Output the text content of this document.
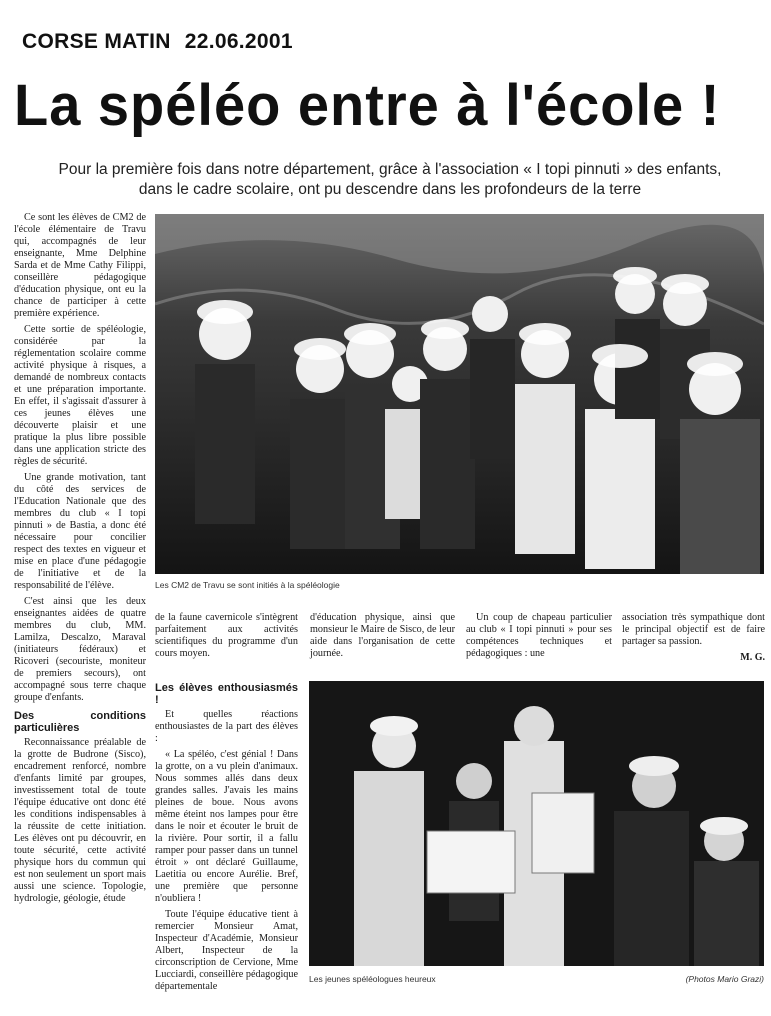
CORSE MATIN 22.06.2001
La spéléo entre à l'école !
Pour la première fois dans notre département, grâce à l'association « I topi pinnuti » des enfants, dans le cadre scolaire, ont pu descendre dans les profondeurs de la terre

Ce sont les élèves de CM2 de l'école élémentaire de Travu qui, accompagnés de leur enseignante, Mme Delphine Sarda et de Mme Cathy Filippi, conseillère pédagogique d'éducation physique, ont eu la chance de participer à cette première expérience.

Cette sortie de spéléologie, considérée par la réglementation scolaire comme activité physique à risques, a demandé de nombreux contacts et une préparation importante. En effet, il s'agissait d'assurer à ces jeunes élèves une découverte plaisir et une pratique la plus libre possible dans une application stricte des règles de sécurité.

Une grande motivation, tant du côté des services de l'Education Nationale que des membres du club « I topi pinnuti » de Bastia, a donc été nécessaire pour concilier respect des textes en vigueur et mise en place d'une pédagogie de l'initiative et de la responsabilité de l'élève.

C'est ainsi que les deux enseignantes aidées de quatre membres du club, MM. Lamilza, Descalzo, Maraval (initiateurs fédéraux) et Ricoveri (secouriste, moniteur de premiers secours), ont accompagné sous terre chaque groupe d'enfants.

Des conditions particulières

Reconnaissance préalable de la grotte de Budrone (Sisco), encadrement renforcé, nombre d'enfants limité par groupes, investissement total de toute l'équipe éducative ont donc été les conditions indispensables à la réussite de cette initiation. Les élèves ont pu découvrir, en toute sécurité, cette activité physique hors du commun qui est non seulement un sport mais aussi une science. Topologie, hydrologie, géologie, étude

Les CM2 de Travu se sont initiés à la spéléologie

de la faune cavernicole s'intègrent parfaitement aux activités scientifiques du programme d'un cours moyen.

d'éducation physique, ainsi que monsieur le Maire de Sisco, de leur aide dans l'organisation de cette journée.

Un coup de chapeau particulier au club « I topi pinnuti » pour ses compétences techniques et pédagogiques : une

association très sympathique dont le principal objectif est de faire partager sa passion.

M. G.
Les élèves enthousiasmés !

Et quelles réactions enthousiastes de la part des élèves :

« La spéléo, c'est génial ! Dans la grotte, on a vu plein d'animaux. Nous sommes allés dans deux grandes salles. J'avais les mains pleines de boue. Nous avons même éteint nos lampes pour être dans le noir et écouter le bruit de la rivière. Pour sortir, il a fallu ramper pour passer dans un tunnel étroit » ont déclaré Guillaume, Laetitia ou encore Aurélie. Bref, une première que personne n'oubliera !

Toute l'équipe éducative tient à remercier Monsieur Amat, Inspecteur d'Académie, Monsieur Albert, Inspecteur de la circonscription de Cervione, Mme Lucciardi, conseillère pédagogique départementale

Les jeunes spéléologues heureux	(Photos Mario Grazi)
